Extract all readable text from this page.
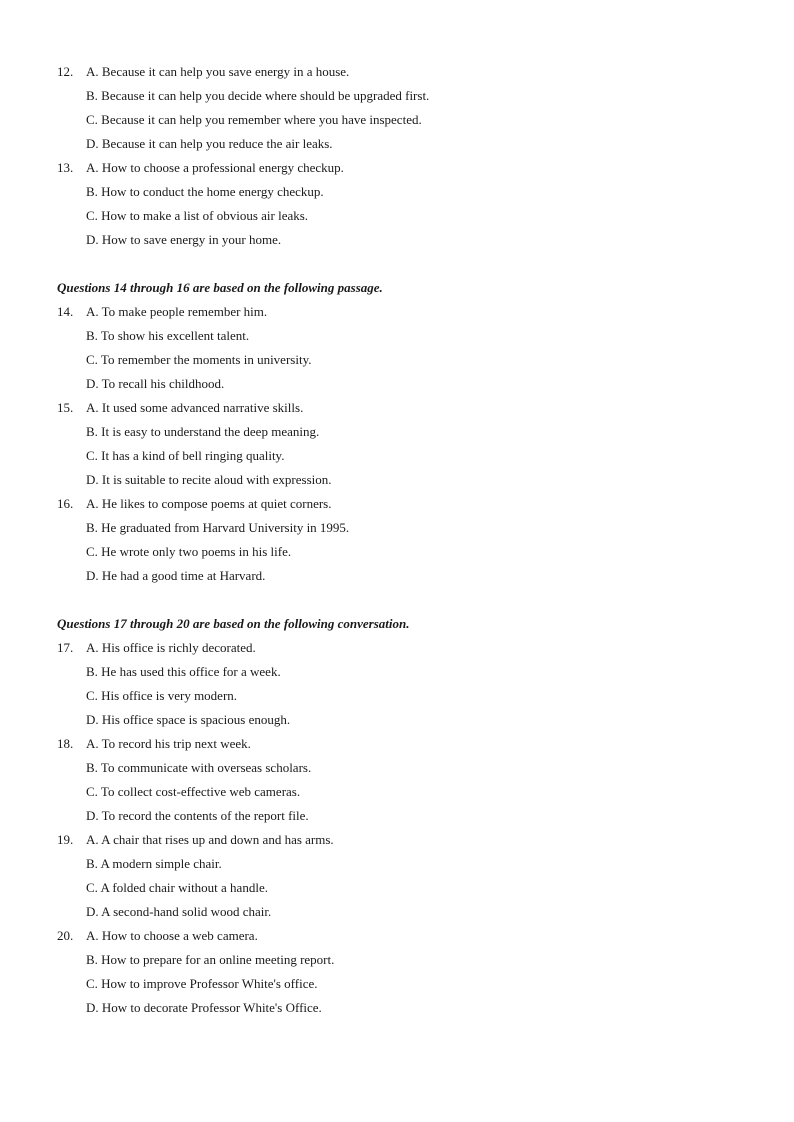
12. A. Because it can help you save energy in a house.
B. Because it can help you decide where should be upgraded first.
C. Because it can help you remember where you have inspected.
D. Because it can help you reduce the air leaks.
13. A. How to choose a professional energy checkup.
B. How to conduct the home energy checkup.
C. How to make a list of obvious air leaks.
D. How to save energy in your home.
Questions 14 through 16 are based on the following passage.
14. A. To make people remember him.
B. To show his excellent talent.
C. To remember the moments in university.
D. To recall his childhood.
15. A. It used some advanced narrative skills.
B. It is easy to understand the deep meaning.
C. It has a kind of bell ringing quality.
D. It is suitable to recite aloud with expression.
16. A. He likes to compose poems at quiet corners.
B. He graduated from Harvard University in 1995.
C. He wrote only two poems in his life.
D. He had a good time at Harvard.
Questions 17 through 20 are based on the following conversation.
17. A. His office is richly decorated.
B. He has used this office for a week.
C. His office is very modern.
D. His office space is spacious enough.
18. A. To record his trip next week.
B. To communicate with overseas scholars.
C. To collect cost-effective web cameras.
D. To record the contents of the report file.
19. A. A chair that rises up and down and has arms.
B. A modern simple chair.
C. A folded chair without a handle.
D. A second-hand solid wood chair.
20. A. How to choose a web camera.
B. How to prepare for an online meeting report.
C. How to improve Professor White's office.
D. How to decorate Professor White's Office.
